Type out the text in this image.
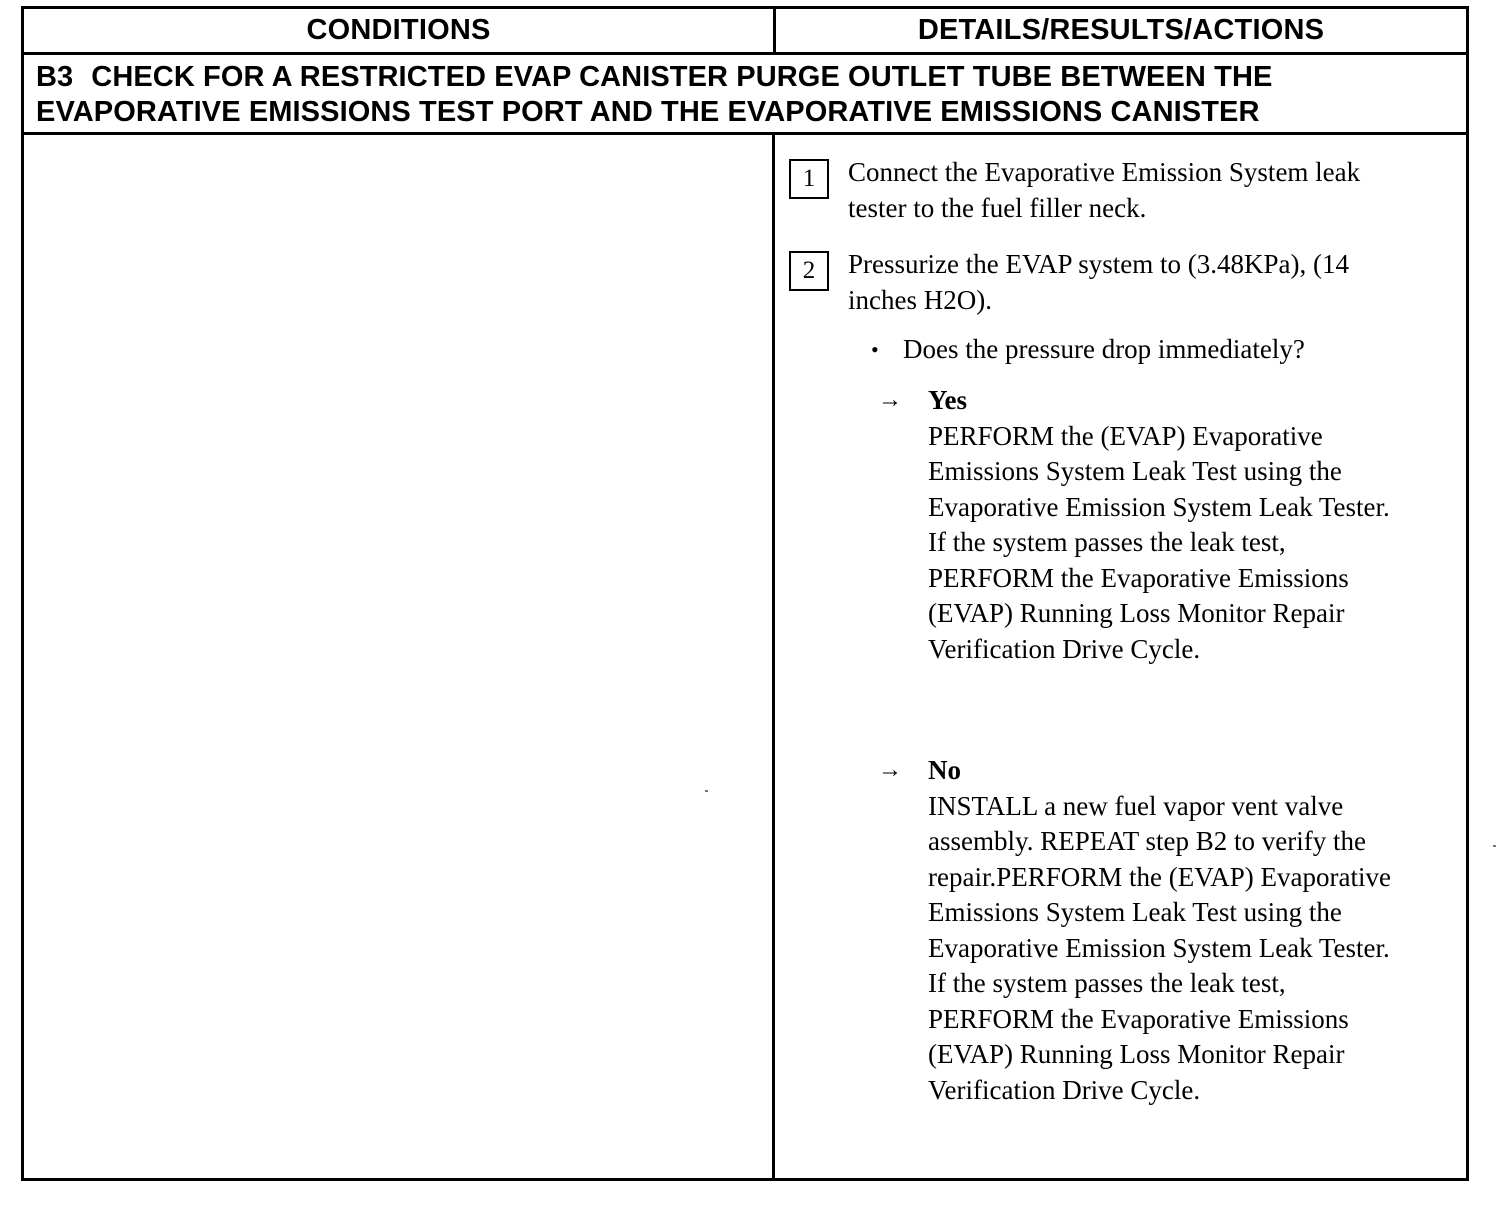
CONDITIONS	DETAILS/RESULTS/ACTIONS
B3 CHECK FOR A RESTRICTED EVAP CANISTER PURGE OUTLET TUBE BETWEEN THE
EVAPORATIVE EMISSIONS TEST PORT AND THE EVAPORATIVE EMISSIONS CANISTER
1	Connect the Evaporative Emission System leak
tester to the fuel filler neck.
2	Pressurize the EVAP system to (3.48KPa), (14
inches H2O).
• Does the pressure drop immediately?
→ Yes
PERFORM the (EVAP) Evaporative
Emissions System Leak Test using the
Evaporative Emission System Leak Tester.
If the system passes the leak test,
PERFORM the Evaporative Emissions
(EVAP) Running Loss Monitor Repair
Verification Drive Cycle.
→ No
INSTALL a new fuel vapor vent valve
assembly. REPEAT step B2 to verify the
repair.PERFORM the (EVAP) Evaporative
Emissions System Leak Test using the
Evaporative Emission System Leak Tester.
If the system passes the leak test,
PERFORM the Evaporative Emissions
(EVAP) Running Loss Monitor Repair
Verification Drive Cycle.
